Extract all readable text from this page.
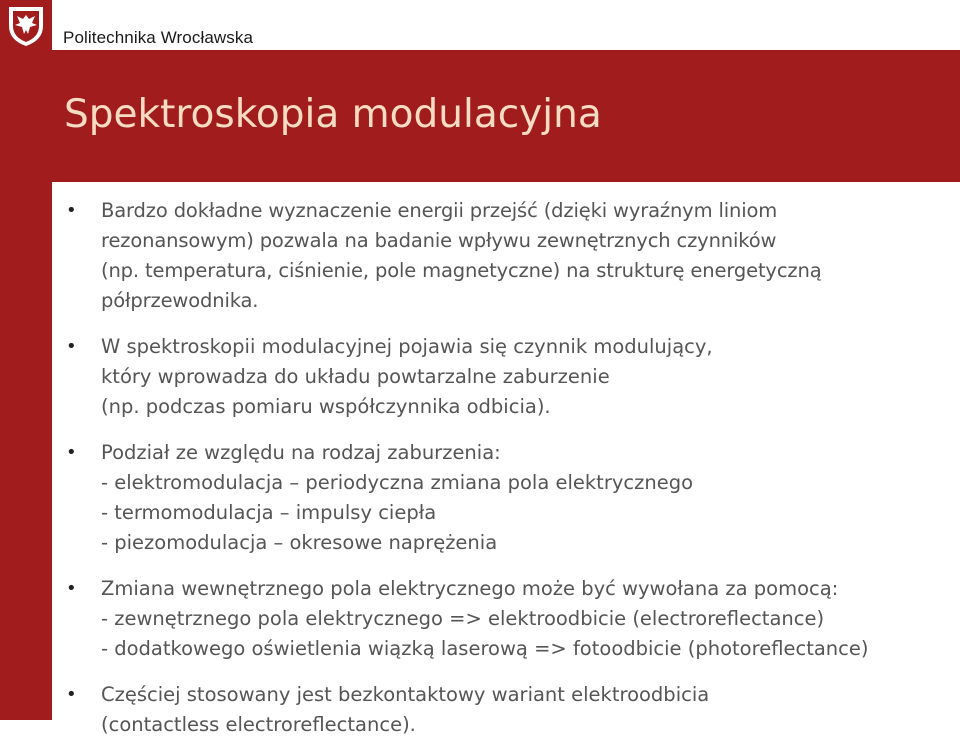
Politechnika Wrocławska
Spektroskopia modulacyjna
• Bardzo dokładne wyznaczenie energii przejść (dzięki wyraźnym liniom
rezonansowym) pozwala na badanie wpływu zewnętrznych czynników
(np. temperatura, ciśnienie, pole magnetyczne) na strukturę energetyczną
półprzewodnika.
• W spektroskopii modulacyjnej pojawia się czynnik modulujący,
który wprowadza do układu powtarzalne zaburzenie
(np. podczas pomiaru współczynnika odbicia).
• Podział ze względu na rodzaj zaburzenia:
- elektromodulacja – periodyczna zmiana pola elektrycznego
- termomodulacja – impulsy ciepła
- piezomodulacja – okresowe naprężenia
• Zmiana wewnętrznego pola elektrycznego może być wywołana za pomocą:
- zewnętrznego pola elektrycznego => elektroodbicie (electroreflectance)
- dodatkowego oświetlenia wiązką laserową => fotoodbicie (photoreflectance)
• Częściej stosowany jest bezkontaktowy wariant elektroodbicia
(contactless electroreflectance).
